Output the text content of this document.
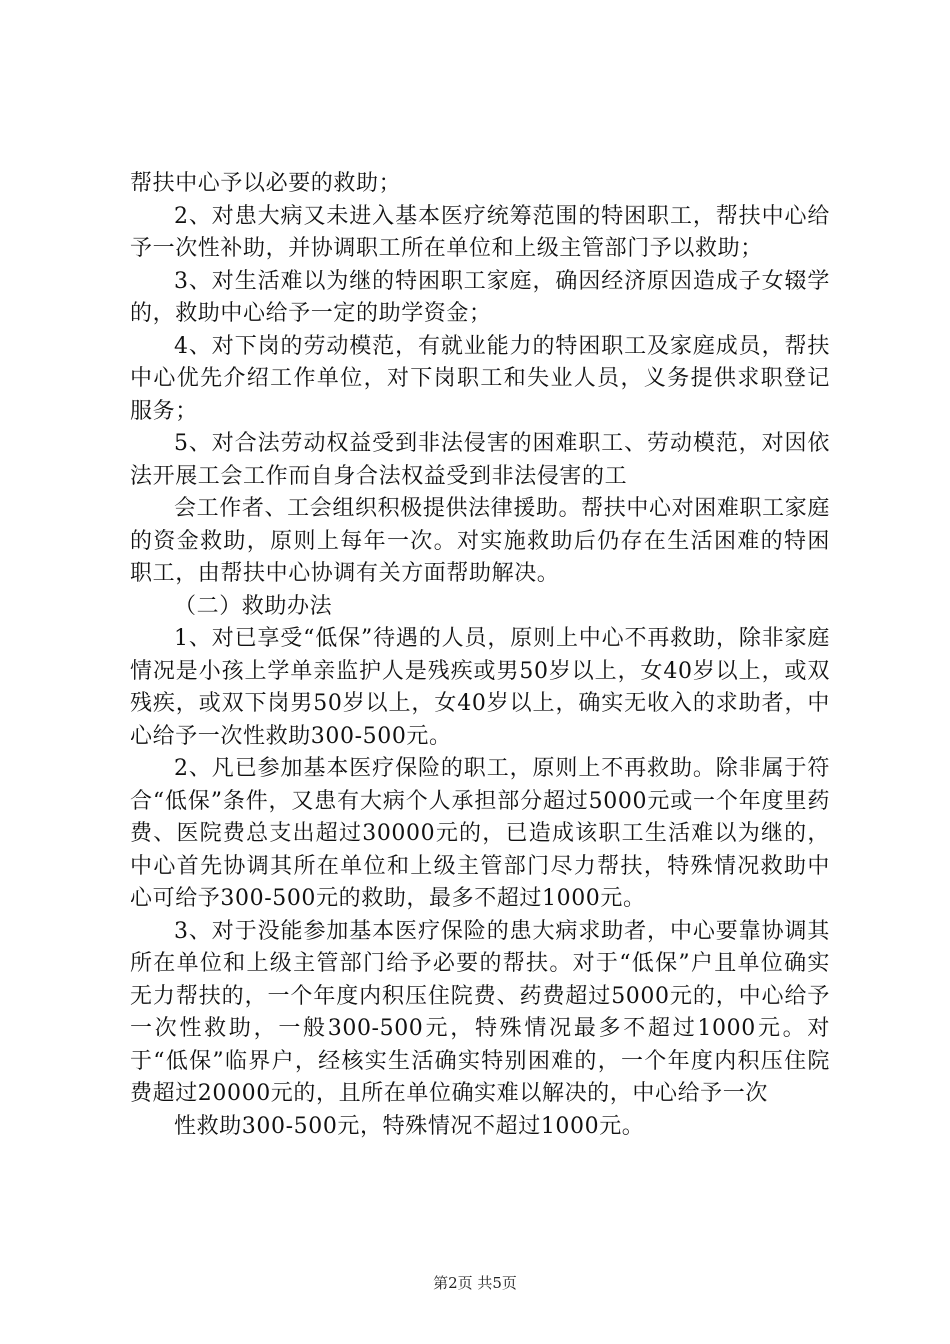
帮扶中心予以必要的救助；

2、对患大病又未进入基本医疗统筹范围的特困职工，帮扶中心给予一次性补助，并协调职工所在单位和上级主管部门予以救助；

3、对生活难以为继的特困职工家庭，确因经济原因造成子女辍学的，救助中心给予一定的助学资金；

4、对下岗的劳动模范，有就业能力的特困职工及家庭成员，帮扶中心优先介绍工作单位，对下岗职工和失业人员，义务提供求职登记服务；

5、对合法劳动权益受到非法侵害的困难职工、劳动模范，对因依法开展工会工作而自身合法权益受到非法侵害的工

会工作者、工会组织积极提供法律援助。帮扶中心对困难职工家庭的资金救助，原则上每年一次。对实施救助后仍存在生活困难的特困职工，由帮扶中心协调有关方面帮助解决。

（二）救助办法

1、对已享受“低保”待遇的人员，原则上中心不再救助，除非家庭情况是小孩上学单亲监护人是残疾或男50岁以上，女40岁以上，或双残疾，或双下岗男50岁以上，女40岁以上，确实无收入的求助者，中心给予一次性救助300-500元。

2、凡已参加基本医疗保险的职工，原则上不再救助。除非属于符合“低保”条件，又患有大病个人承担部分超过5000元或一个年度里药费、医院费总支出超过30000元的，已造成该职工生活难以为继的，中心首先协调其所在单位和上级主管部门尽力帮扶，特殊情况救助中心可给予300-500元的救助，最多不超过1000元。

3、对于没能参加基本医疗保险的患大病求助者，中心要靠协调其所在单位和上级主管部门给予必要的帮扶。对于“低保”户且单位确实无力帮扶的，一个年度内积压住院费、药费超过5000元的，中心给予一次性救助，一般300-500元，特殊情况最多不超过1000元。对于“低保”临界户，经核实生活确实特别困难的，一个年度内积压住院费超过20000元的，且所在单位确实难以解决的，中心给予一次

性救助300-500元，特殊情况不超过1000元。

第2页 共5页
